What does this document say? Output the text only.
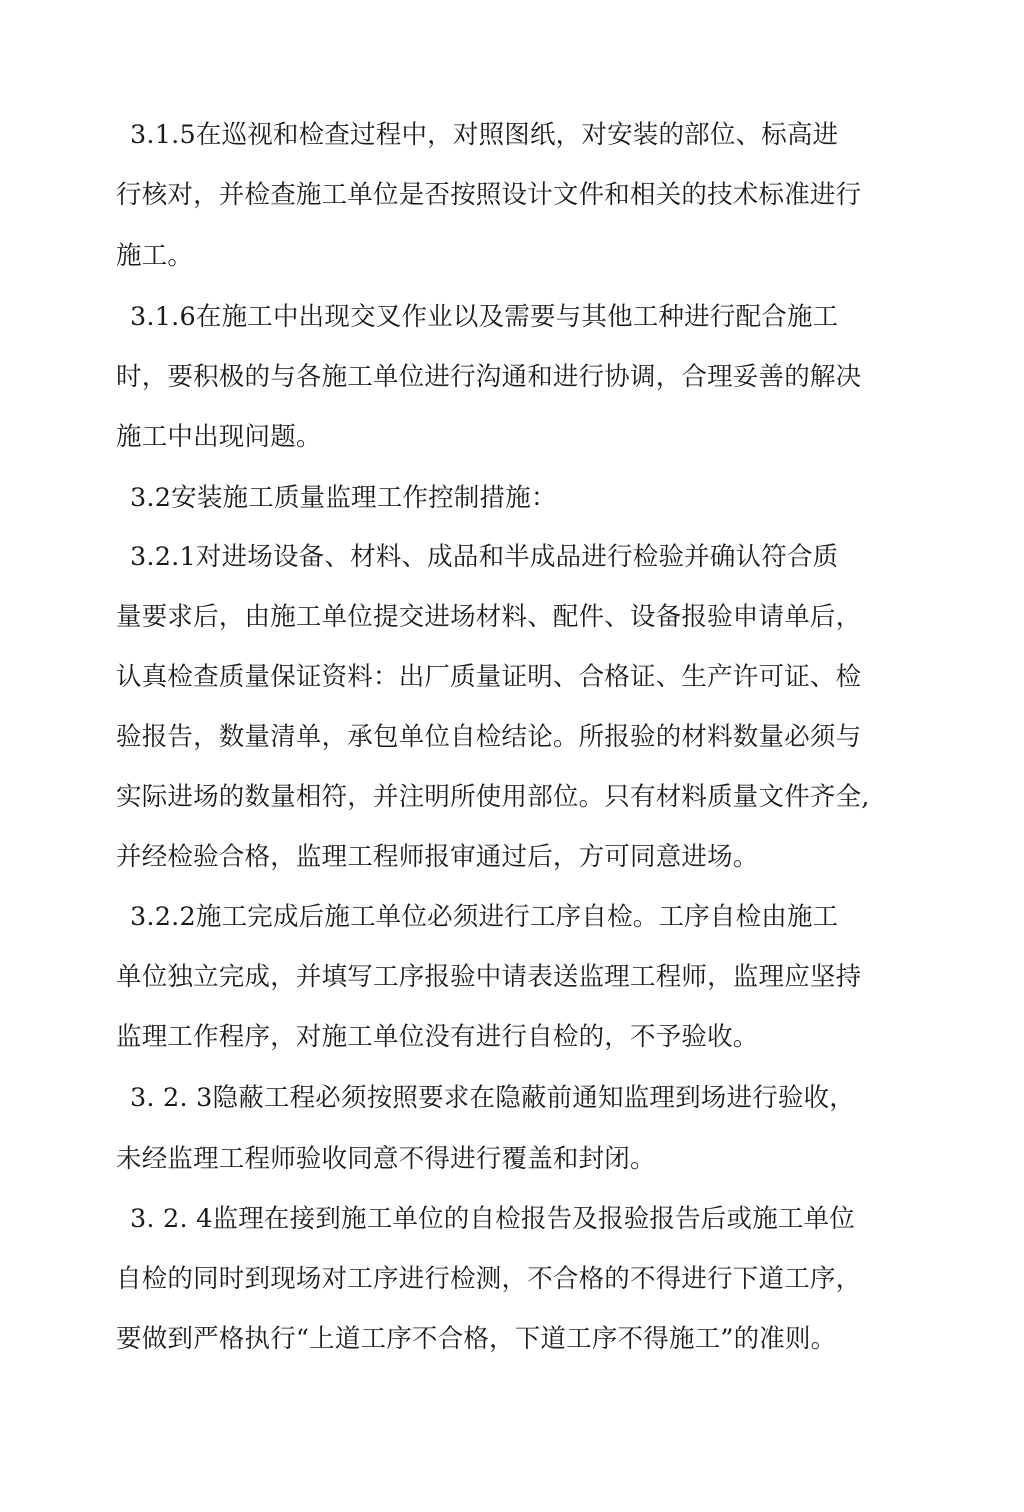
3.1.5在巡视和检查过程中，对照图纸，对安装的部位、标高进
行核对，并检查施工单位是否按照设计文件和相关的技术标准进行
施工。
3.1.6在施工中出现交叉作业以及需要与其他工种进行配合施工
时，要积极的与各施工单位进行沟通和进行协调，合理妥善的解决
施工中出现问题。
3.2安装施工质量监理工作控制措施：
3.2.1对进场设备、材料、成品和半成品进行检验并确认符合质
量要求后，由施工单位提交进场材料、配件、设备报验申请单后，
认真检查质量保证资料：出厂质量证明、合格证、生产许可证、检
验报告，数量清单，承包单位自检结论。所报验的材料数量必须与
实际进场的数量相符，并注明所使用部位。只有材料质量文件齐全,
并经检验合格，监理工程师报审通过后，方可同意进场。
3.2.2施工完成后施工单位必须进行工序自检。工序自检由施工
单位独立完成，并填写工序报验中请表送监理工程师，监理应坚持
监理工作程序，对施工单位没有进行自检的，不予验收。
3. 2. 3隐蔽工程必须按照要求在隐蔽前通知监理到场进行验收，
未经监理工程师验收同意不得进行覆盖和封闭。
3. 2. 4监理在接到施工单位的自检报告及报验报告后或施工单位
自检的同时到现场对工序进行检测，不合格的不得进行下道工序，
要做到严格执行“上道工序不合格，下道工序不得施工”的准则。
